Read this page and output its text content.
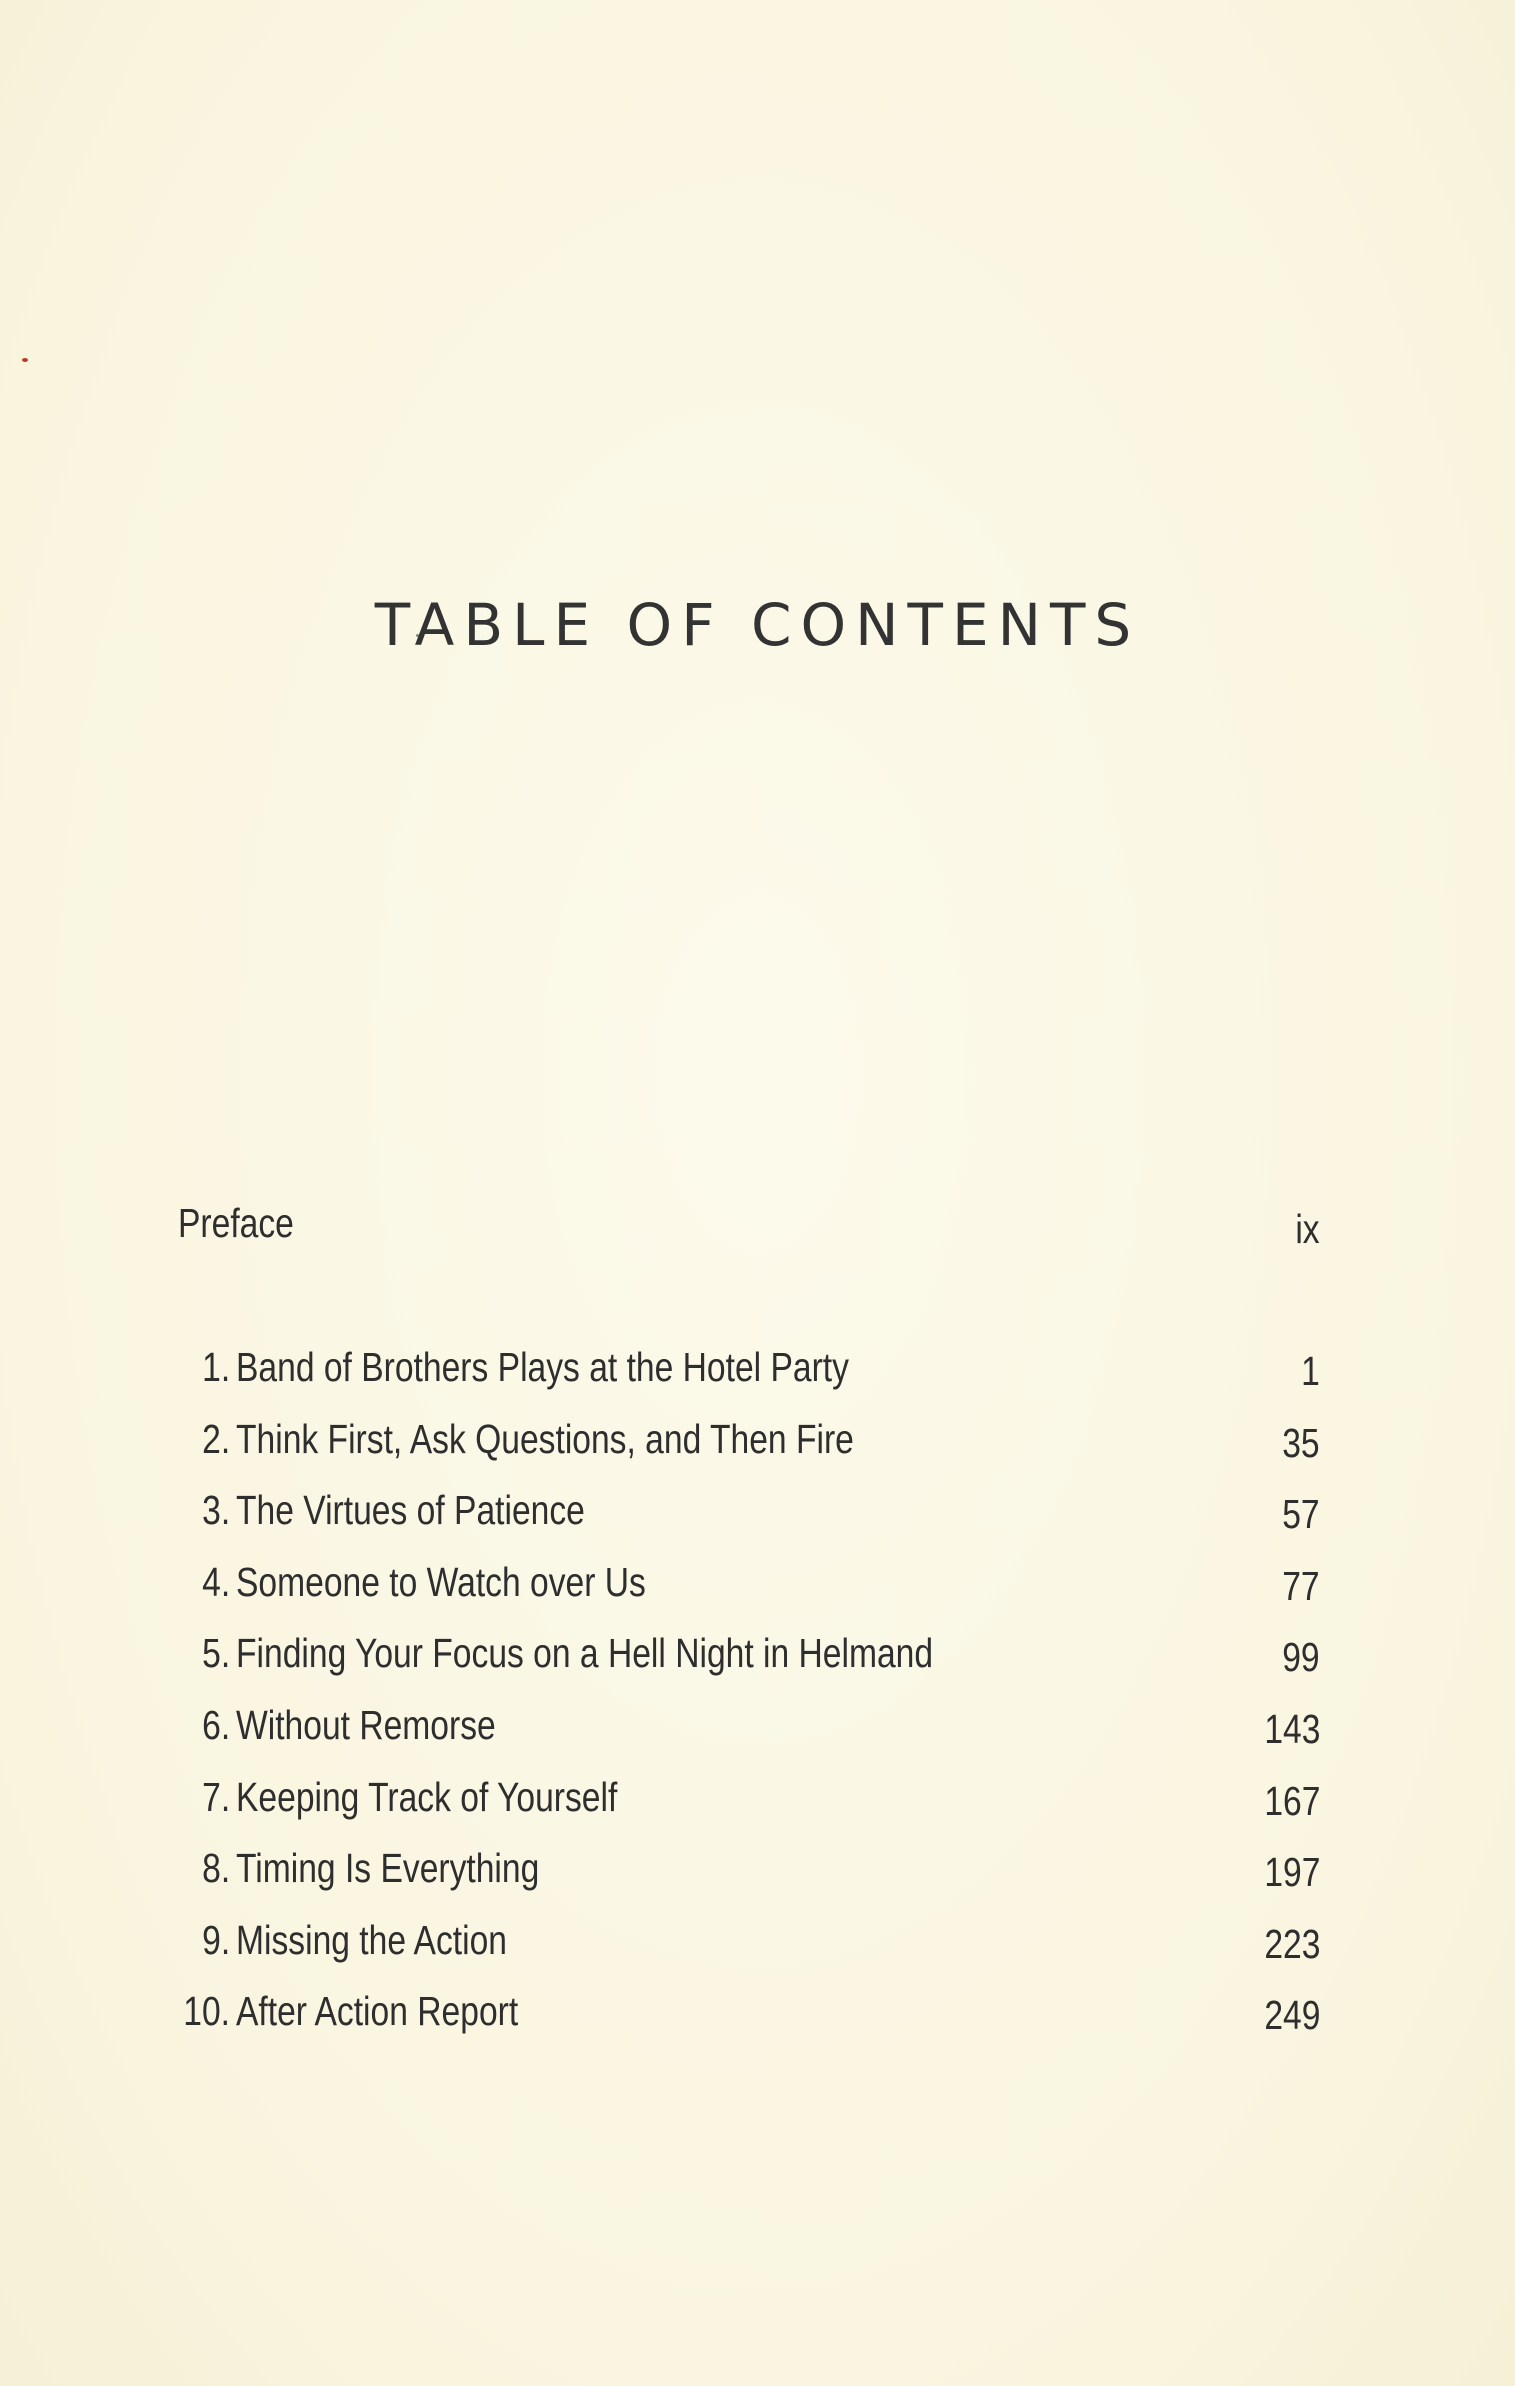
TABLE OF CONTENTS
Preface	ix
1. Band of Brothers Plays at the Hotel Party	1
2. Think First, Ask Questions, and Then Fire	35
3. The Virtues of Patience	57
4. Someone to Watch over Us	77
5. Finding Your Focus on a Hell Night in Helmand	99
6. Without Remorse	143
7. Keeping Track of Yourself	167
8. Timing Is Everything	197
9. Missing the Action	223
10. After Action Report	249
